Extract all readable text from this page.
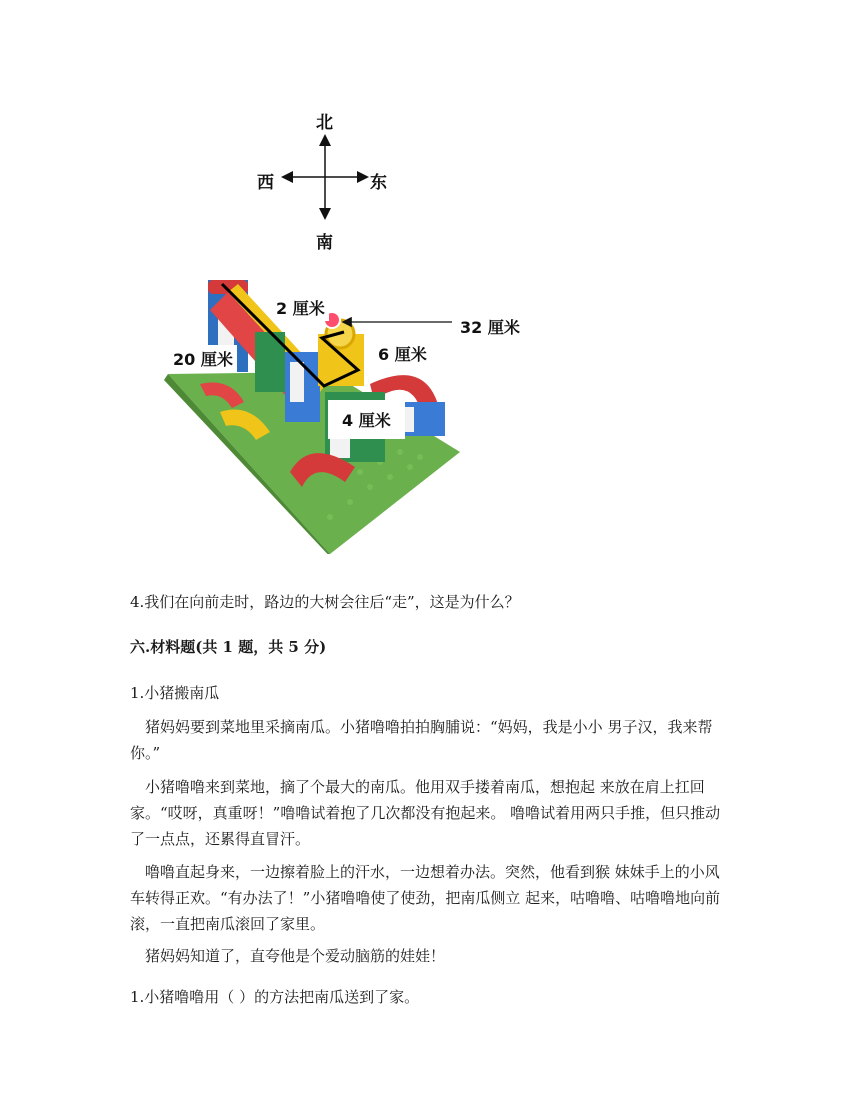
北
南
西	东
2 厘米
32 厘米
20 厘米	6 厘米
4 厘米

4.我们在向前走时，路边的大树会往后“走”，这是为什么？

六.材料题(共 1 题，共 5 分)

1.小猪搬南瓜

猪妈妈要到菜地里采摘南瓜。小猪噜噜拍拍胸脯说：“妈妈，我是小小 男子汉，我来帮你。”

小猪噜噜来到菜地，摘了个最大的南瓜。他用双手搂着南瓜，想抱起 来放在肩上扛回家。“哎呀，真重呀！”噜噜试着抱了几次都没有抱起来。 噜噜试着用两只手推，但只推动了一点点，还累得直冒汗。

噜噜直起身来，一边擦着脸上的汗水，一边想着办法。突然，他看到猴 妹妹手上的小风车转得正欢。“有办法了！”小猪噜噜使了使劲，把南瓜侧立 起来，咕噜噜、咕噜噜地向前滚，一直把南瓜滚回了家里。

猪妈妈知道了，直夸他是个爱动脑筋的娃娃！

1.小猪噜噜用（ ）的方法把南瓜送到了家。
